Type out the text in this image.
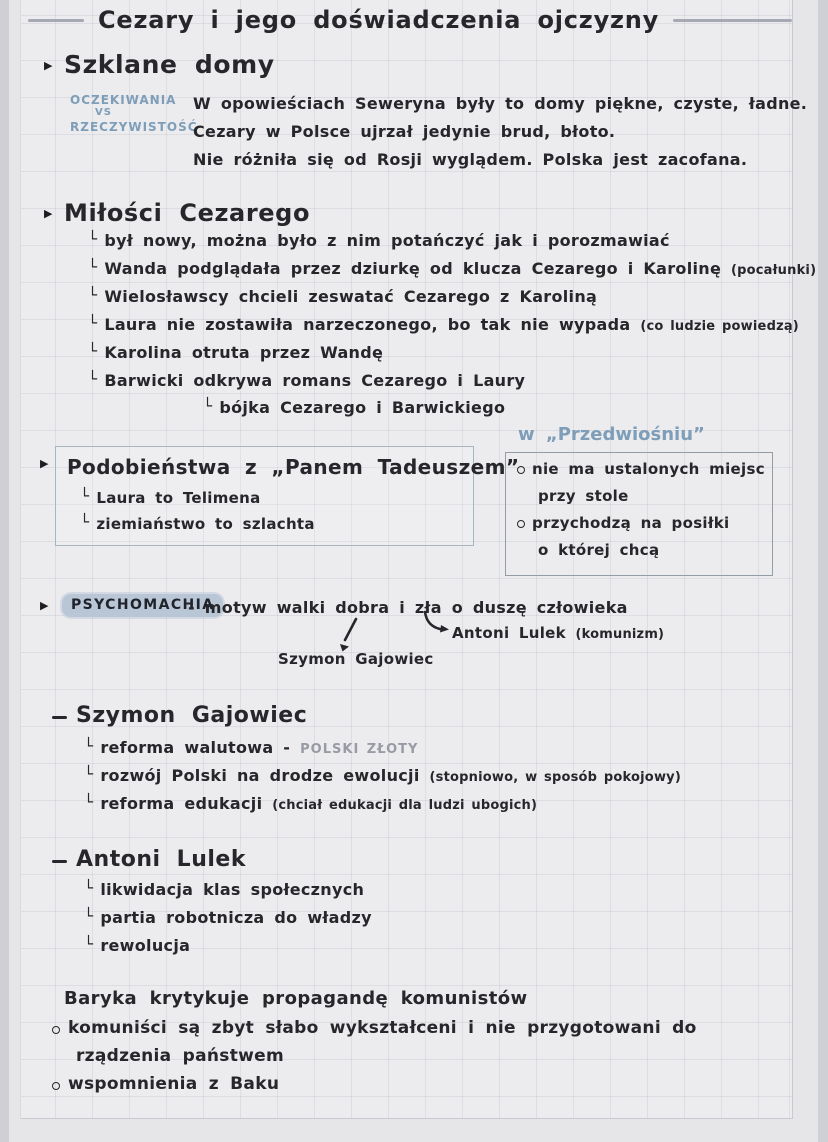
Cezary i jego doświadczenia ojczyzny
▶ Szklane domy
OCZEKIWANIA
VS
RZECZYWISTOŚĆ
W opowieściach Seweryna były to domy piękne, czyste, ładne.
Cezary w Polsce ujrzał jedynie brud, błoto.
Nie różniła się od Rosji wyglądem. Polska jest zacofana.
▶ Miłości Cezarego
└ był nowy, można było z nim potańczyć jak i porozmawiać
└ Wanda podglądała przez dziurkę od klucza Cezarego i Karolinę (pocałunki)
└ Wielosławscy chcieli zeswatać Cezarego z Karoliną
└ Laura nie zostawiła narzeczonego, bo tak nie wypada (co ludzie powiedzą)
└ Karolina otruta przez Wandę
└ Barwicki odkrywa romans Cezarego i Laury
└ bójka Cezarego i Barwickiego
▶ Podobieństwa z „Panem Tadeuszem”
└ Laura to Telimena
└ ziemiaństwo to szlachta
w „Przedwiośniu”
nie ma ustalonych miejsc
przy stole
przychodzą na posiłki
o której chcą
▶	PSYCHOMACHIA
- motyw walki dobra i zła o duszę człowieka
Szymon Gajowiec
Antoni Lulek (komunizm)
Szymon Gajowiec
└ reforma walutowa - POLSKI ZŁOTY
└ rozwój Polski na drodze ewolucji (stopniowo, w sposób pokojowy)
└ reforma edukacji (chciał edukacji dla ludzi ubogich)
Antoni Lulek
└ likwidacja klas społecznych
└ partia robotnicza do władzy
└ rewolucja
Baryka krytykuje propagandę komunistów
komuniści są zbyt słabo wykształceni i nie przygotowani do
rządzenia państwem
wspomnienia z Baku
